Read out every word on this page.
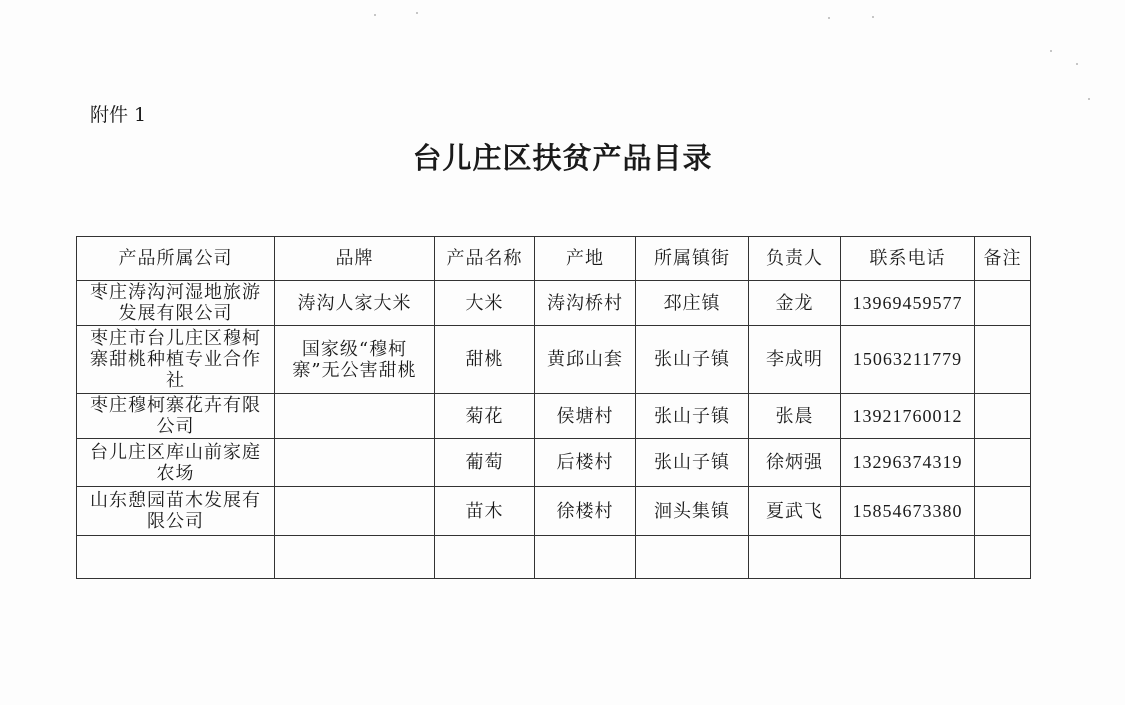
附件 1
台儿庄区扶贫产品目录
产品所属公司	品牌	产品名称	产地	所属镇街	负责人	联系电话	备注
枣庄涛沟河湿地旅游发展有限公司	涛沟人家大米	大米	涛沟桥村	邳庄镇	金龙	13969459577	
枣庄市台儿庄区穆柯寨甜桃种植专业合作社	国家级“穆柯寨”无公害甜桃	甜桃	黄邱山套	张山子镇	李成明	15063211779	
枣庄穆柯寨花卉有限公司		菊花	侯塘村	张山子镇	张晨	13921760012	
台儿庄区库山前家庭农场		葡萄	后楼村	张山子镇	徐炳强	13296374319	
山东憩园苗木发展有限公司		苗木	徐楼村	洄头集镇	夏武飞	15854673380	
